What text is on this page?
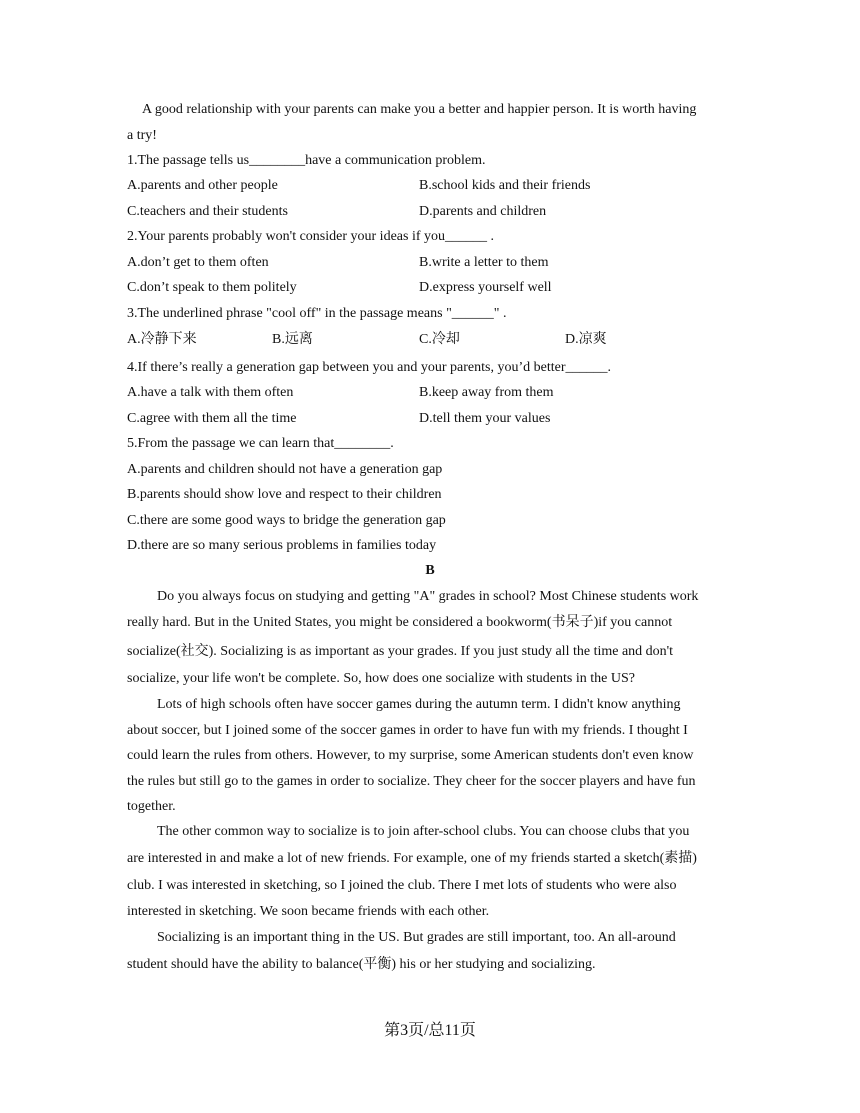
A good relationship with your parents can make you a better and happier person. It is worth having
a try!
1.The passage tells us________have a communication problem.
A.parents and other people	B.school kids and their friends
C.teachers and their students	D.parents and children
2.Your parents probably won't consider your ideas if you______ .
A.don’t get to them often	B.write a letter to them
C.don’t speak to them politely	D.express yourself well
3.The underlined phrase "cool off" in the passage means "______" .
A.冷静下来	B.远离	C.冷却	D.凉爽
4.If there’s really a generation gap between you and your parents, you’d better______.
A.have a talk with them often	B.keep away from them
C.agree with them all the time	D.tell them your values
5.From the passage we can learn that________.
A.parents and children should not have a generation gap
B.parents should show love and respect to their children
C.there are some good ways to bridge the generation gap
D.there are so many serious problems in families today
B
Do you always focus on studying and getting "A" grades in school? Most Chinese students work
really hard. But in the United States, you might be considered a bookworm(书呆子)if you cannot
socialize(社交). Socializing is as important as your grades. If you just study all the time and don't
socialize, your life won't be complete. So, how does one socialize with students in the US?
Lots of high schools often have soccer games during the autumn term. I didn't know anything
about soccer, but I joined some of the soccer games in order to have fun with my friends. I thought I
could learn the rules from others. However, to my surprise, some American students don't even know
the rules but still go to the games in order to socialize. They cheer for the soccer players and have fun
together.
The other common way to socialize is to join after-school clubs. You can choose clubs that you
are interested in and make a lot of new friends. For example, one of my friends started a sketch(素描)
club. I was interested in sketching, so I joined the club. There I met lots of students who were also
interested in sketching. We soon became friends with each other.
Socializing is an important thing in the US. But grades are still important, too. An all-around
student should have the ability to balance(平衡) his or her studying and socializing.
第3页/总11页
